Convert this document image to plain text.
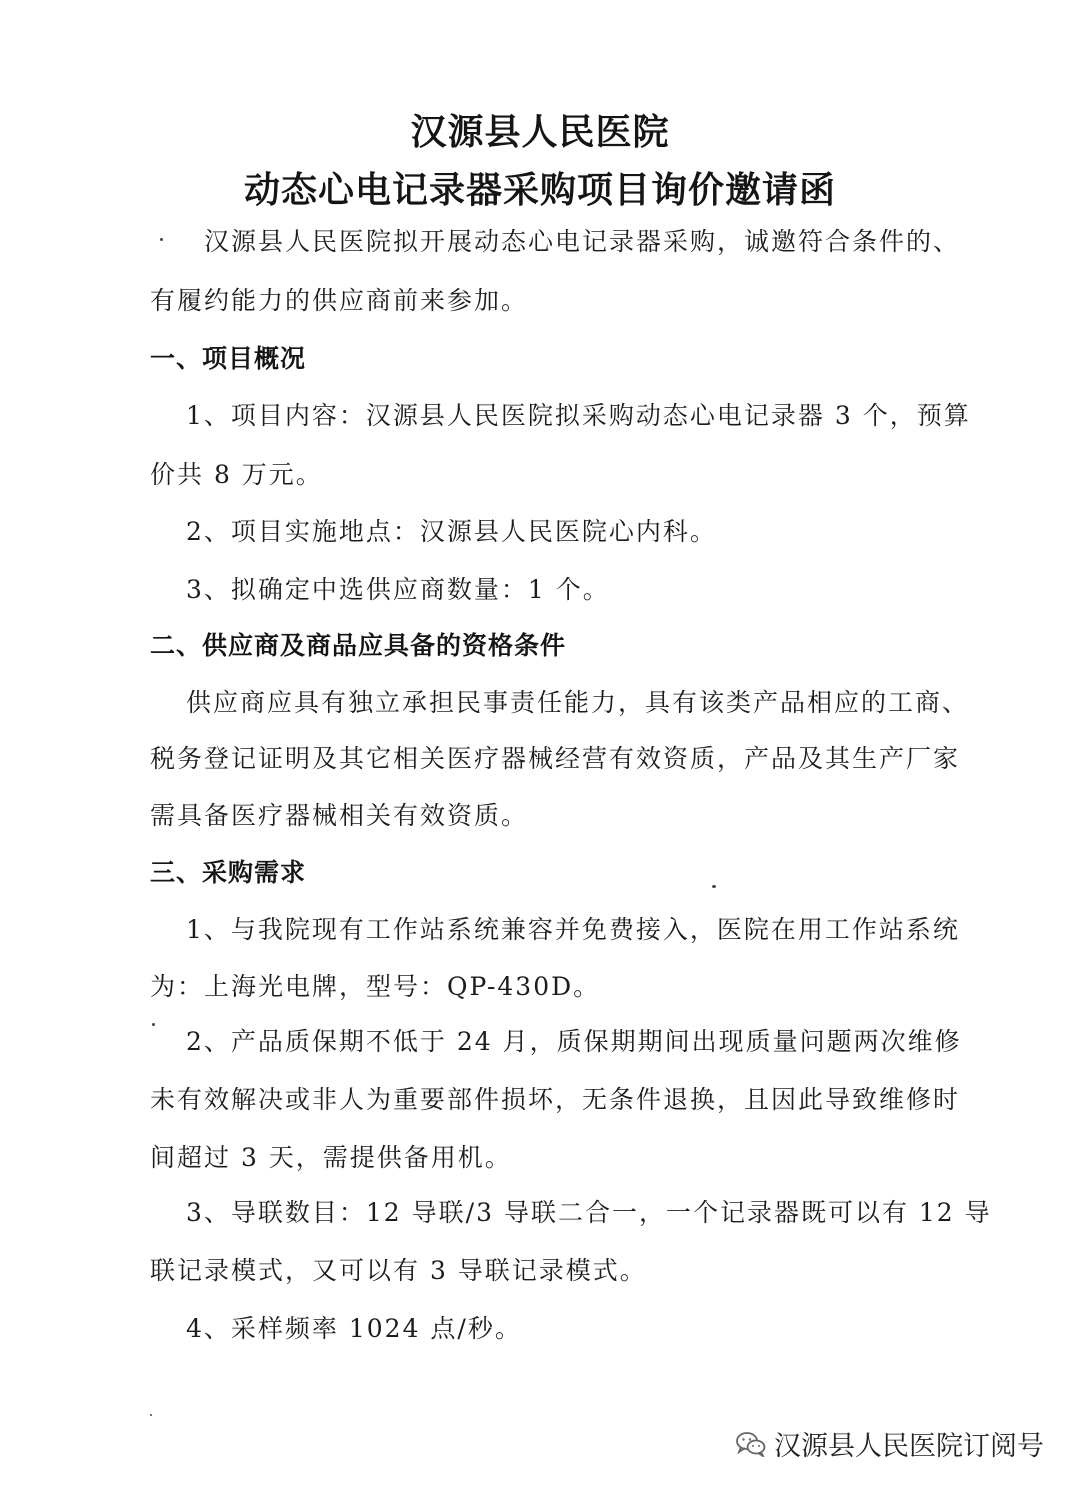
汉源县人民医院
动态心电记录器采购项目询价邀请函
汉源县人民医院拟开展动态心电记录器采购，诚邀符合条件的、
有履约能力的供应商前来参加。
一、项目概况
1、项目内容：汉源县人民医院拟采购动态心电记录器 3 个，预算
价共 8 万元。
2、项目实施地点：汉源县人民医院心内科。
3、拟确定中选供应商数量：1 个。
二、供应商及商品应具备的资格条件
供应商应具有独立承担民事责任能力，具有该类产品相应的工商、
税务登记证明及其它相关医疗器械经营有效资质，产品及其生产厂家
需具备医疗器械相关有效资质。
三、采购需求
1、与我院现有工作站系统兼容并免费接入，医院在用工作站系统
为：上海光电牌，型号：QP-430D。
2、产品质保期不低于 24 月，质保期期间出现质量问题两次维修
未有效解决或非人为重要部件损坏，无条件退换，且因此导致维修时
间超过 3 天，需提供备用机。
3、导联数目：12 导联/3 导联二合一，一个记录器既可以有 12 导
联记录模式，又可以有 3 导联记录模式。
4、采样频率 1024 点/秒。
汉源县人民医院订阅号
